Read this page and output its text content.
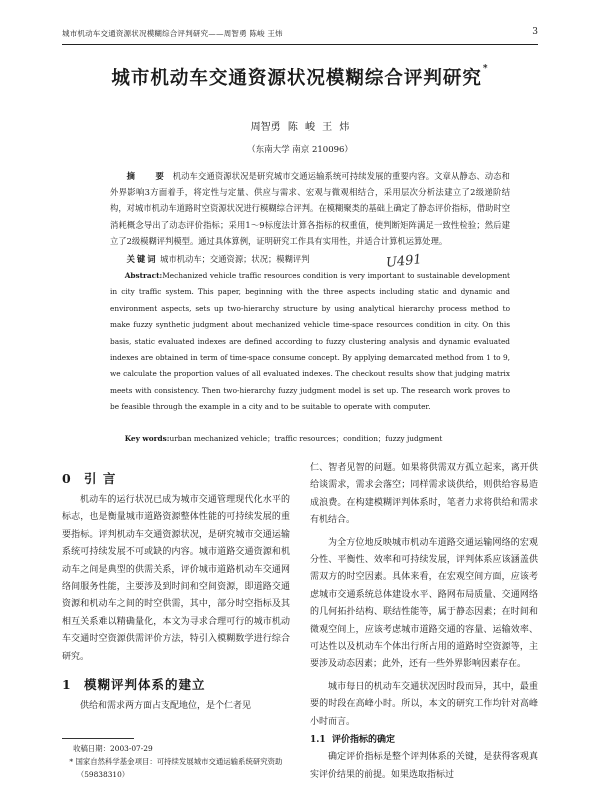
城市机动车交通资源状况模糊综合评判研究——周智勇 陈峻 王炜	3
城市机动车交通资源状况模糊综合评判研究*
周智勇 陈 峻 王 炜
（东南大学 南京 210096）
摘　要 机动车交通资源状况是研究城市交通运输系统可持续发展的重要内容。文章从静态、动态和外界影响3方面着手，将定性与定量、供应与需求、宏观与微观相结合，采用层次分析法建立了2级递阶结构，对城市机动车道路时空资源状况进行模糊综合评判。在模糊聚类的基础上确定了静态评价指标，借助时空消耗概念导出了动态评价指标；采用1～9标度法计算各指标的权重值，使判断矩阵满足一致性检验；然后建立了2级模糊评判模型。通过具体算例，证明研究工作具有实用性，并适合计算机运算处理。
关键词 城市机动车；交通资源；状况；模糊评判	U491
Abstract:Mechanized vehicle traffic resources condition is very important to sustainable development in city traffic system. This paper, beginning with the three aspects including static and dynamic and environment aspects, sets up two-hierarchy structure by using analytical hierarchy process method to make fuzzy synthetic judgment about mechanized vehicle time-space resources condition in city. On this basis, static evaluated indexes are defined according to fuzzy clustering analysis and dynamic evaluated indexes are obtained in term of time-space consume concept. By applying demarcated method from 1 to 9, we calculate the proportion values of all evaluated indexes. The checkout results show that judging matrix meets with consistency. Then two-hierarchy fuzzy judgment model is set up. The research work proves to be feasible through the example in a city and to be suitable to operate with computer.
Key words:urban mechanized vehicle；traffic resources；condition；fuzzy judgment
0 引 言

机动车的运行状况已成为城市交通管理现代化水平的标志，也是衡量城市道路资源整体性能的可持续发展的重要指标。评判机动车交通资源状况，是研究城市交通运输系统可持续发展不可或缺的内容。城市道路交通资源和机动车之间是典型的供需关系，评价城市道路机动车交通网络间服务性能，主要涉及到时间和空间资源，即道路交通资源和机动车之间的时空供需，其中，部分时空指标及其相互关系难以精确量化，本文为寻求合理可行的城市机动车交通时空资源供需评价方法，特引入模糊数学进行综合研究。

1 模糊评判体系的建立

供给和需求两方面占支配地位，是个仁者见

仁、智者见智的问题。如果将供需双方孤立起来，离开供给谈需求，需求会落空；同样需求谈供给，则供给容易造成浪费。在构建模糊评判体系时，笔者力求将供给和需求有机结合。

为全方位地反映城市机动车道路交通运输网络的宏观分性、平衡性、效率和可持续发展，评判体系应该涵盖供需双方的时空因素。具体来看，在宏观空间方面，应该考虑城市交通系统总体建设水平、路网布局质量、交通网络的几何拓扑结构、联结性能等，属于静态因素；在时间和微观空间上，应该考虑城市道路交通的容量、运输效率、可达性以及机动车个体出行所占用的道路时空资源等，主要涉及动态因素；此外，还有一些外界影响因素存在。

城市每日的机动车交通状况因时段而异，其中，最重要的时段在高峰小时。所以，本文的研究工作均针对高峰小时而言。

1.1 评价指标的确定

确定评价指标是整个评判体系的关键，是获得客观真实评价结果的前提。如果选取指标过

收稿日期：2003-07-29

* 国家自然科学基金项目：可持续发展城市交通运输系统研究资助（59838310）
